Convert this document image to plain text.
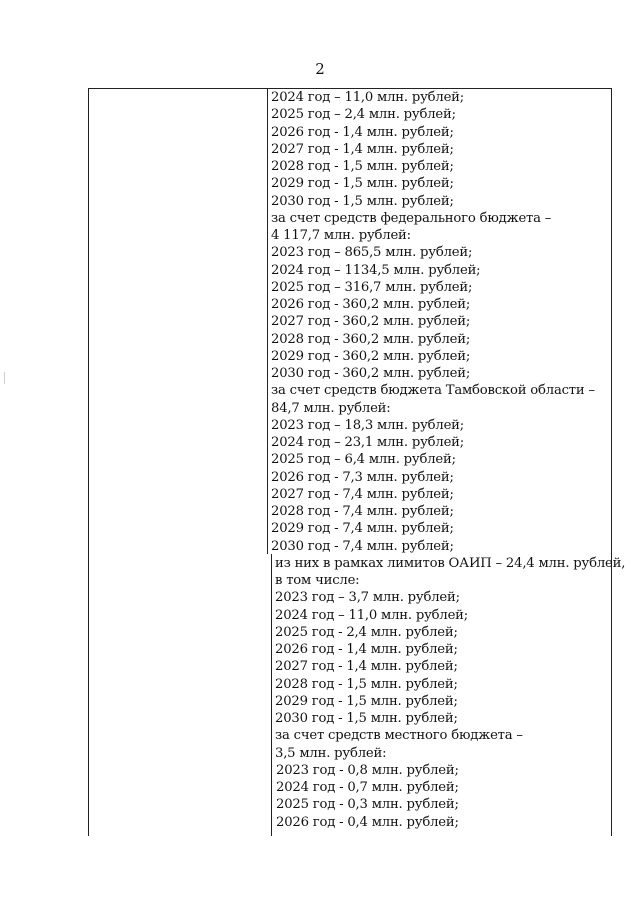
2
2024 год – 11,0 млн. рублей;
2025 год – 2,4 млн. рублей;
2026 год - 1,4 млн. рублей;
2027 год - 1,4 млн. рублей;
2028 год - 1,5 млн. рублей;
2029 год - 1,5 млн. рублей;
2030 год - 1,5 млн. рублей;
за счет средств федерального бюджета –
4 117,7 млн. рублей:
2023 год – 865,5 млн. рублей;
2024 год – 1134,5 млн. рублей;
2025 год – 316,7 млн. рублей;
2026 год - 360,2 млн. рублей;
2027 год - 360,2 млн. рублей;
2028 год - 360,2 млн. рублей;
2029 год - 360,2 млн. рублей;
2030 год - 360,2 млн. рублей;
за счет средств бюджета Тамбовской области –
84,7 млн. рублей:
2023 год – 18,3 млн. рублей;
2024 год – 23,1 млн. рублей;
2025 год – 6,4 млн. рублей;
2026 год - 7,3 млн. рублей;
2027 год - 7,4 млн. рублей;
2028 год - 7,4 млн. рублей;
2029 год - 7,4 млн. рублей;
2030 год - 7,4 млн. рублей;
из них в рамках лимитов ОАИП – 24,4 млн. рублей,
в том числе:
2023 год – 3,7 млн. рублей;
2024 год – 11,0 млн. рублей;
2025 год - 2,4 млн. рублей;
2026 год - 1,4 млн. рублей;
2027 год - 1,4 млн. рублей;
2028 год - 1,5 млн. рублей;
2029 год - 1,5 млн. рублей;
2030 год - 1,5 млн. рублей;
за счет средств местного бюджета –
3,5 млн. рублей:
2023 год - 0,8 млн. рублей;
2024 год - 0,7 млн. рублей;
2025 год - 0,3 млн. рублей;
2026 год - 0,4 млн. рублей;
